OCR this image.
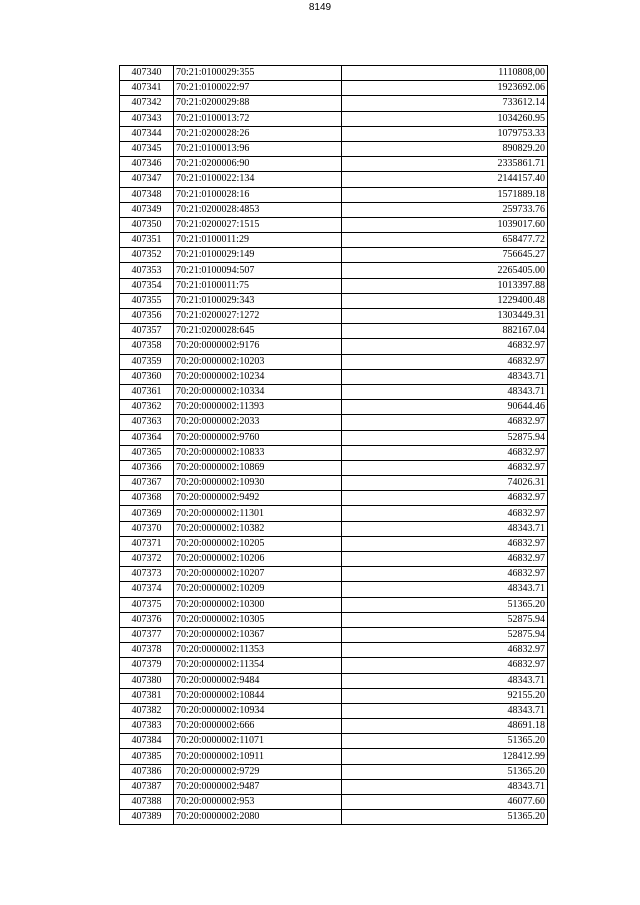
8149
407340	70:21:0100029:355	1110808,00
407341	70:21:0100022:97	1923692.06
407342	70:21:0200029:88	733612.14
407343	70:21:0100013:72	1034260.95
407344	70:21:0200028:26	1079753.33
407345	70:21:0100013:96	890829.20
407346	70:21:0200006:90	2335861.71
407347	70:21:0100022:134	2144157.40
407348	70:21:0100028:16	1571889.18
407349	70:21:0200028:4853	259733.76
407350	70:21:0200027:1515	1039017.60
407351	70:21:0100011:29	658477.72
407352	70:21:0100029:149	756645.27
407353	70:21:0100094:507	2265405.00
407354	70:21:0100011:75	1013397.88
407355	70:21:0100029:343	1229400.48
407356	70:21:0200027:1272	1303449.31
407357	70:21:0200028:645	882167.04
407358	70:20:0000002:9176	46832.97
407359	70:20:0000002:10203	46832.97
407360	70:20:0000002:10234	48343.71
407361	70:20:0000002:10334	48343.71
407362	70:20:0000002:11393	90644.46
407363	70:20:0000002:2033	46832.97
407364	70:20:0000002:9760	52875.94
407365	70:20:0000002:10833	46832.97
407366	70:20:0000002:10869	46832.97
407367	70:20:0000002:10930	74026.31
407368	70:20:0000002:9492	46832.97
407369	70:20:0000002:11301	46832.97
407370	70:20:0000002:10382	48343.71
407371	70:20:0000002:10205	46832.97
407372	70:20:0000002:10206	46832.97
407373	70:20:0000002:10207	46832.97
407374	70:20:0000002:10209	48343.71
407375	70:20:0000002:10300	51365.20
407376	70:20:0000002:10305	52875.94
407377	70:20:0000002:10367	52875.94
407378	70:20:0000002:11353	46832.97
407379	70:20:0000002:11354	46832.97
407380	70:20:0000002:9484	48343.71
407381	70:20:0000002:10844	92155.20
407382	70:20:0000002:10934	48343.71
407383	70:20:0000002:666	48691.18
407384	70:20:0000002:11071	51365.20
407385	70:20:0000002:10911	128412.99
407386	70:20:0000002:9729	51365.20
407387	70:20:0000002:9487	48343.71
407388	70:20:0000002:953	46077.60
407389	70:20:0000002:2080	51365.20
